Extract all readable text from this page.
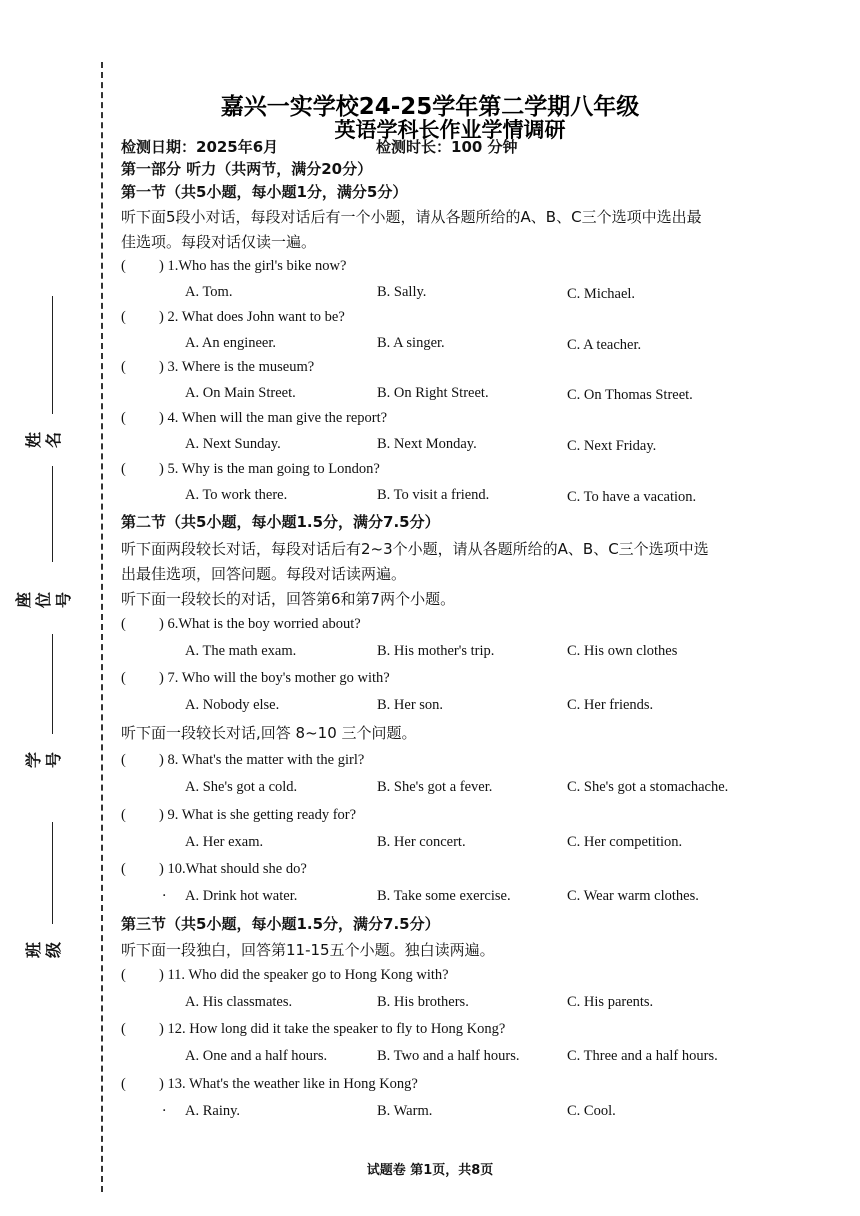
姓名
座位号
学号
班级
嘉兴一实学校24-25学年第二学期八年级
英语学科长作业学情调研
检测日期：2025年6月	检测时长：100 分钟
第一部分 听力（共两节，满分20分）
第一节（共5小题，每小题1分，满分5分）
听下面5段小对话，每段对话后有一个小题，请从各题所给的A、B、C三个选项中选出最
佳选项。每段对话仅读一遍。
( ) 1.Who has the girl's bike now?
A. Tom.	B. Sally.	C. Michael.
( ) 2. What does John want to be?
A. An engineer.	B. A singer.	C. A teacher.
( ) 3. Where is the museum?
A. On Main Street.	B. On Right Street.	C. On Thomas Street.
( ) 4. When will the man give the report?
A. Next Sunday.	B. Next Monday.	C. Next Friday.
( ) 5. Why is the man going to London?
A. To work there.	B. To visit a friend.	C. To have a vacation.
第二节（共5小题，每小题1.5分，满分7.5分）
听下面两段较长对话，每段对话后有2~3个小题，请从各题所给的A、B、C三个选项中选
出最佳选项，回答问题。每段对话读两遍。
听下面一段较长的对话，回答第6和第7两个小题。
( ) 6.What is the boy worried about?
A. The math exam.	B. His mother's trip.	C. His own clothes
( ) 7. Who will the boy's mother go with?
A. Nobody else.	B. Her son.	C. Her friends.
听下面一段较长对话,回答 8~10 三个问题。
( ) 8. What's the matter with the girl?
A. She's got a cold.	B. She's got a fever.	C. She's got a stomachache.
( ) 9. What is she getting ready for?
A. Her exam.	B. Her concert.	C. Her competition.
( ) 10.What should she do?
· A. Drink hot water.	B. Take some exercise.	C. Wear warm clothes.
第三节（共5小题，每小题1.5分，满分7.5分）
听下面一段独白，回答第11-15五个小题。独白读两遍。
( ) 11. Who did the speaker go to Hong Kong with?
A. His classmates.	B. His brothers.	C. His parents.
( ) 12. How long did it take the speaker to fly to Hong Kong?
A. One and a half hours.	B. Two and a half hours.	C. Three and a half hours.
( ) 13. What's the weather like in Hong Kong?
· A. Rainy.	B. Warm.	C. Cool.
试题卷 第1页，共8页
